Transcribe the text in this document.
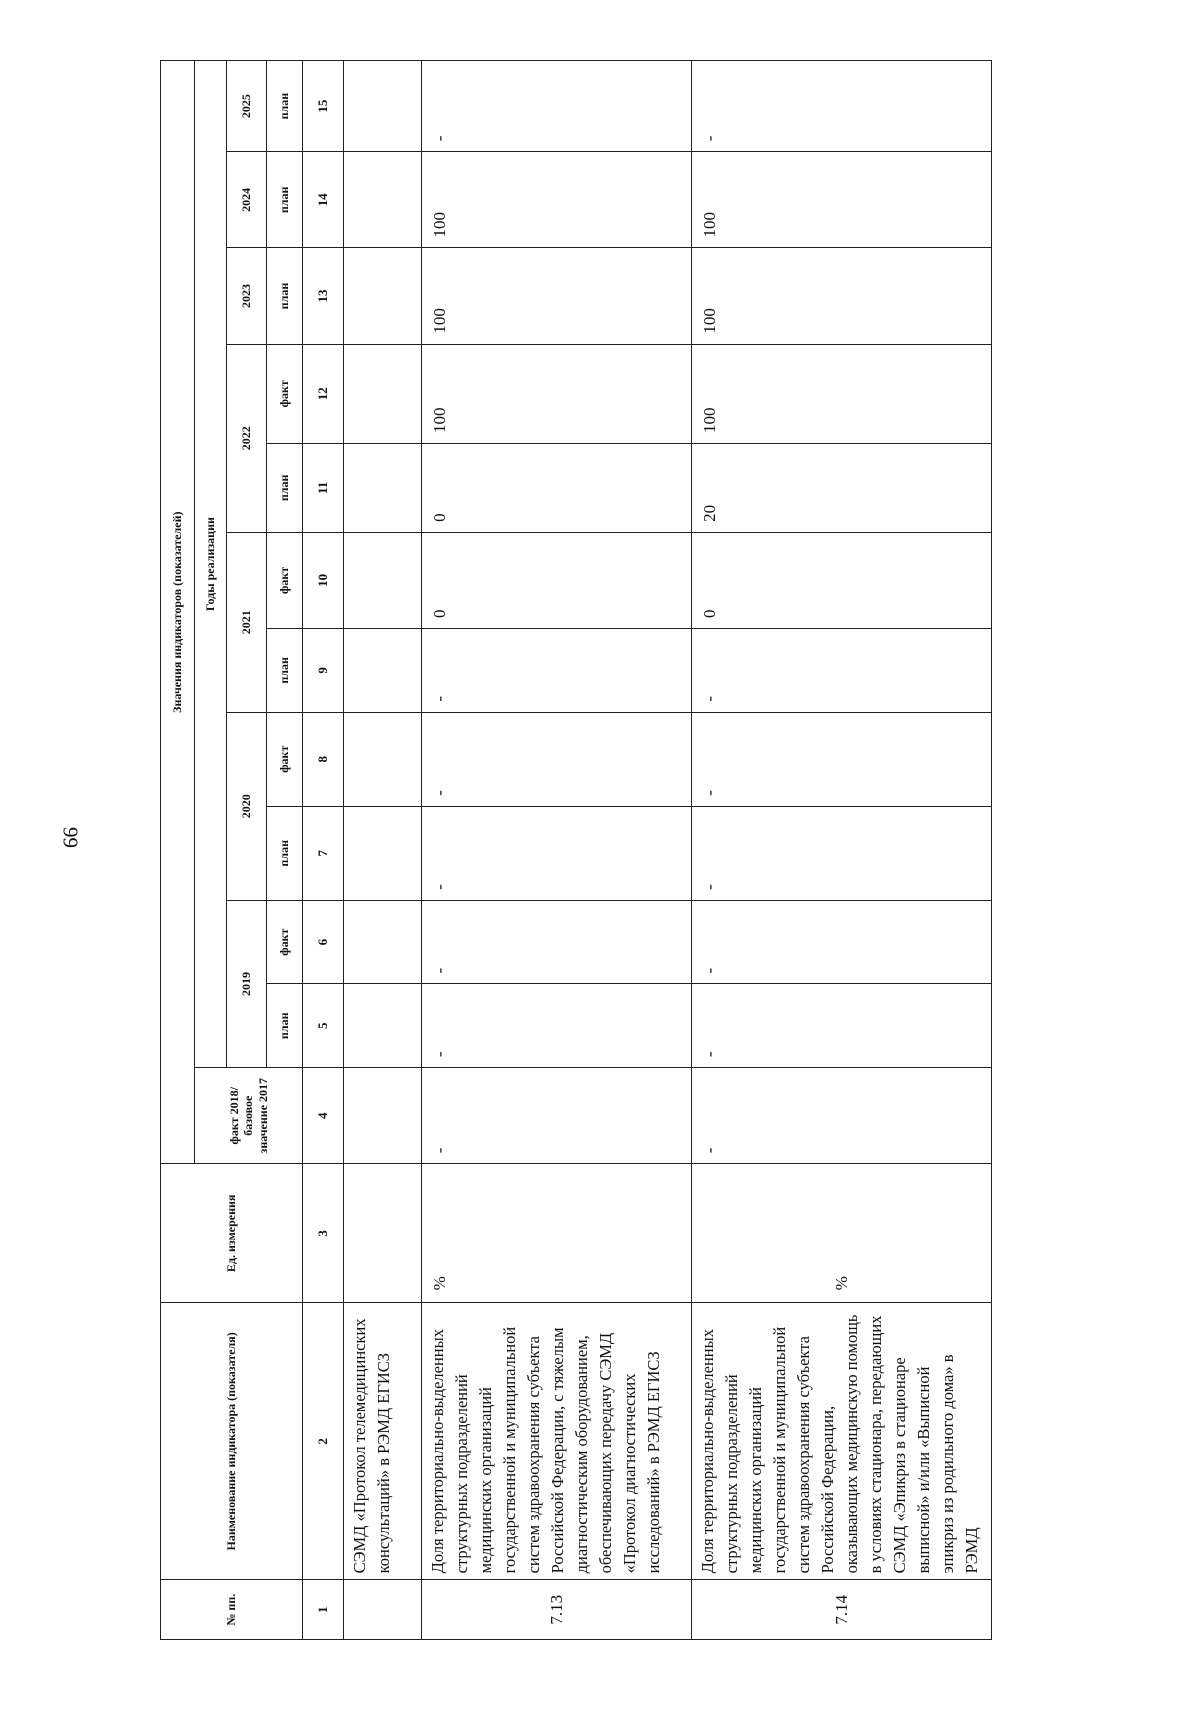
99
№ пп.	Наименование индикатора (показателя)	Ед. измерения	Значения индикаторов (показателей)											
			факт 2018/базовое значение 2017	Годы реализации										
				2019		2020		2021		2022		2023	2024	2025
				план	факт	план	факт	план	факт	план	факт	план	план	план
1	2	3	4	5	6	7	8	9	10	11	12	13	14	15
	СЭМД «Протокол телемедицинских консультаций» в РЭМД ЕГИСЗ													
7.13	Доля территориально-выделенных структурных подразделений медицинских организаций государственной и муниципальной систем здравоохранения субъекта Российской Федерации, с тяжелым диагностическим оборудованием, обеспечивающих передачу СЭМД «Протокол диагностических исследований» в РЭМД ЕГИСЗ	%	-	-	-	-	-	-	0	0	100	100	100	-
7.14	Доля территориально-выделенных структурных подразделений медицинских организаций государственной и муниципальной систем здравоохранения субъекта Российской Федерации, оказывающих медицинскую помощь в условиях стационара, передающих СЭМД «Эпикриз в стационаре выписной» и/или «Выписной эпикриз из родильного дома» в РЭМД	%	-	-	-	-	-	-	0	20	100	100	100	-
